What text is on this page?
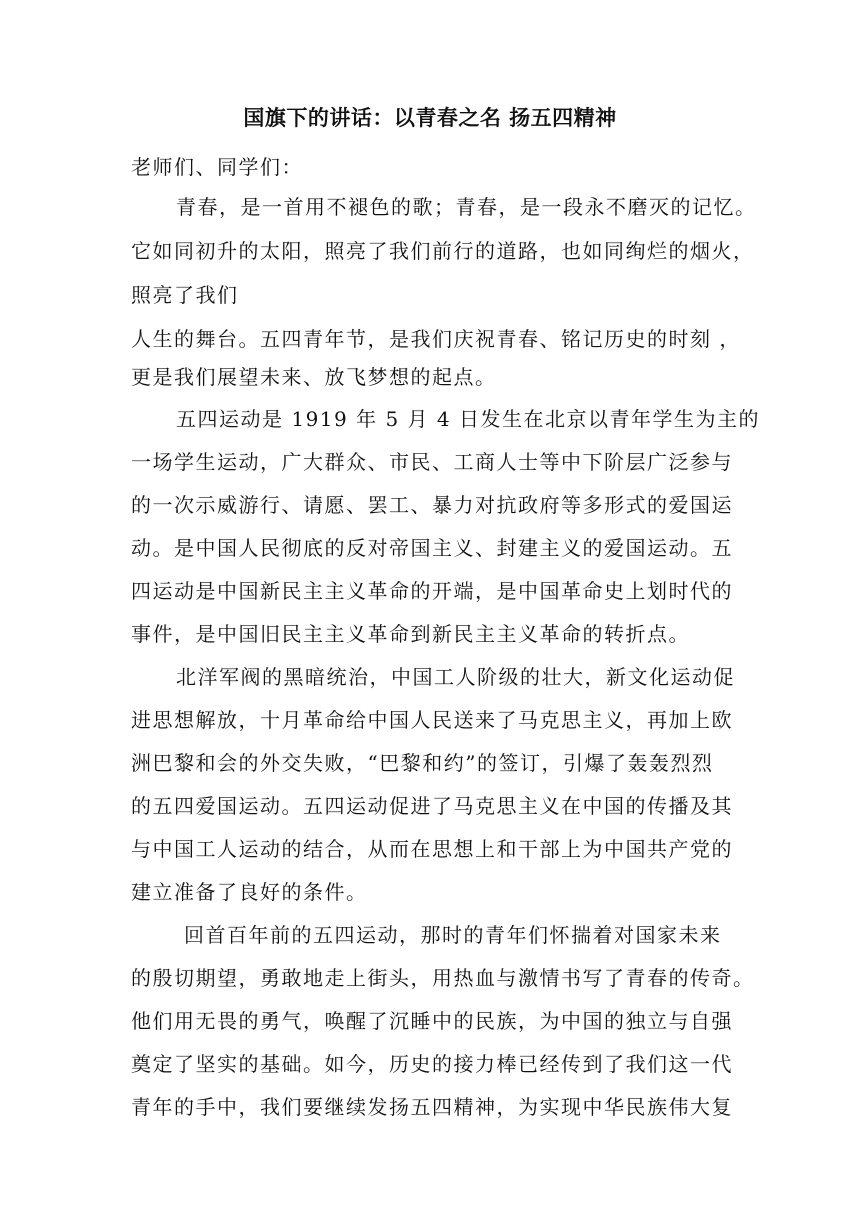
国旗下的讲话：以青春之名 扬五四精神
老师们、同学们：
青春，是一首用不褪色的歌；青春，是一段永不磨灭的记忆。
它如同初升的太阳，照亮了我们前行的道路，也如同绚烂的烟火，
照亮了我们
人生的舞台。五四青年节，是我们庆祝青春、铭记历史的时刻 ，
更是我们展望未来、放飞梦想的起点。
五四运动是 1919 年 5 月 4 日发生在北京以青年学生为主的
一场学生运动，广大群众、市民、工商人士等中下阶层广泛参与
的一次示威游行、请愿、罢工、暴力对抗政府等多形式的爱国运
动。是中国人民彻底的反对帝国主义、封建主义的爱国运动。五
四运动是中国新民主主义革命的开端，是中国革命史上划时代的
事件，是中国旧民主主义革命到新民主主义革命的转折点。
北洋军阀的黑暗统治，中国工人阶级的壮大，新文化运动促
进思想解放，十月革命给中国人民送来了马克思主义，再加上欧
洲巴黎和会的外交失败，“巴黎和约”的签订，引爆了轰轰烈烈
的五四爱国运动。五四运动促进了马克思主义在中国的传播及其
与中国工人运动的结合，从而在思想上和干部上为中国共产党的
建立准备了良好的条件。
回首百年前的五四运动，那时的青年们怀揣着对国家未来
的殷切期望，勇敢地走上街头，用热血与激情书写了青春的传奇。
他们用无畏的勇气，唤醒了沉睡中的民族，为中国的独立与自强
奠定了坚实的基础。如今，历史的接力棒已经传到了我们这一代
青年的手中，我们要继续发扬五四精神，为实现中华民族伟大复
